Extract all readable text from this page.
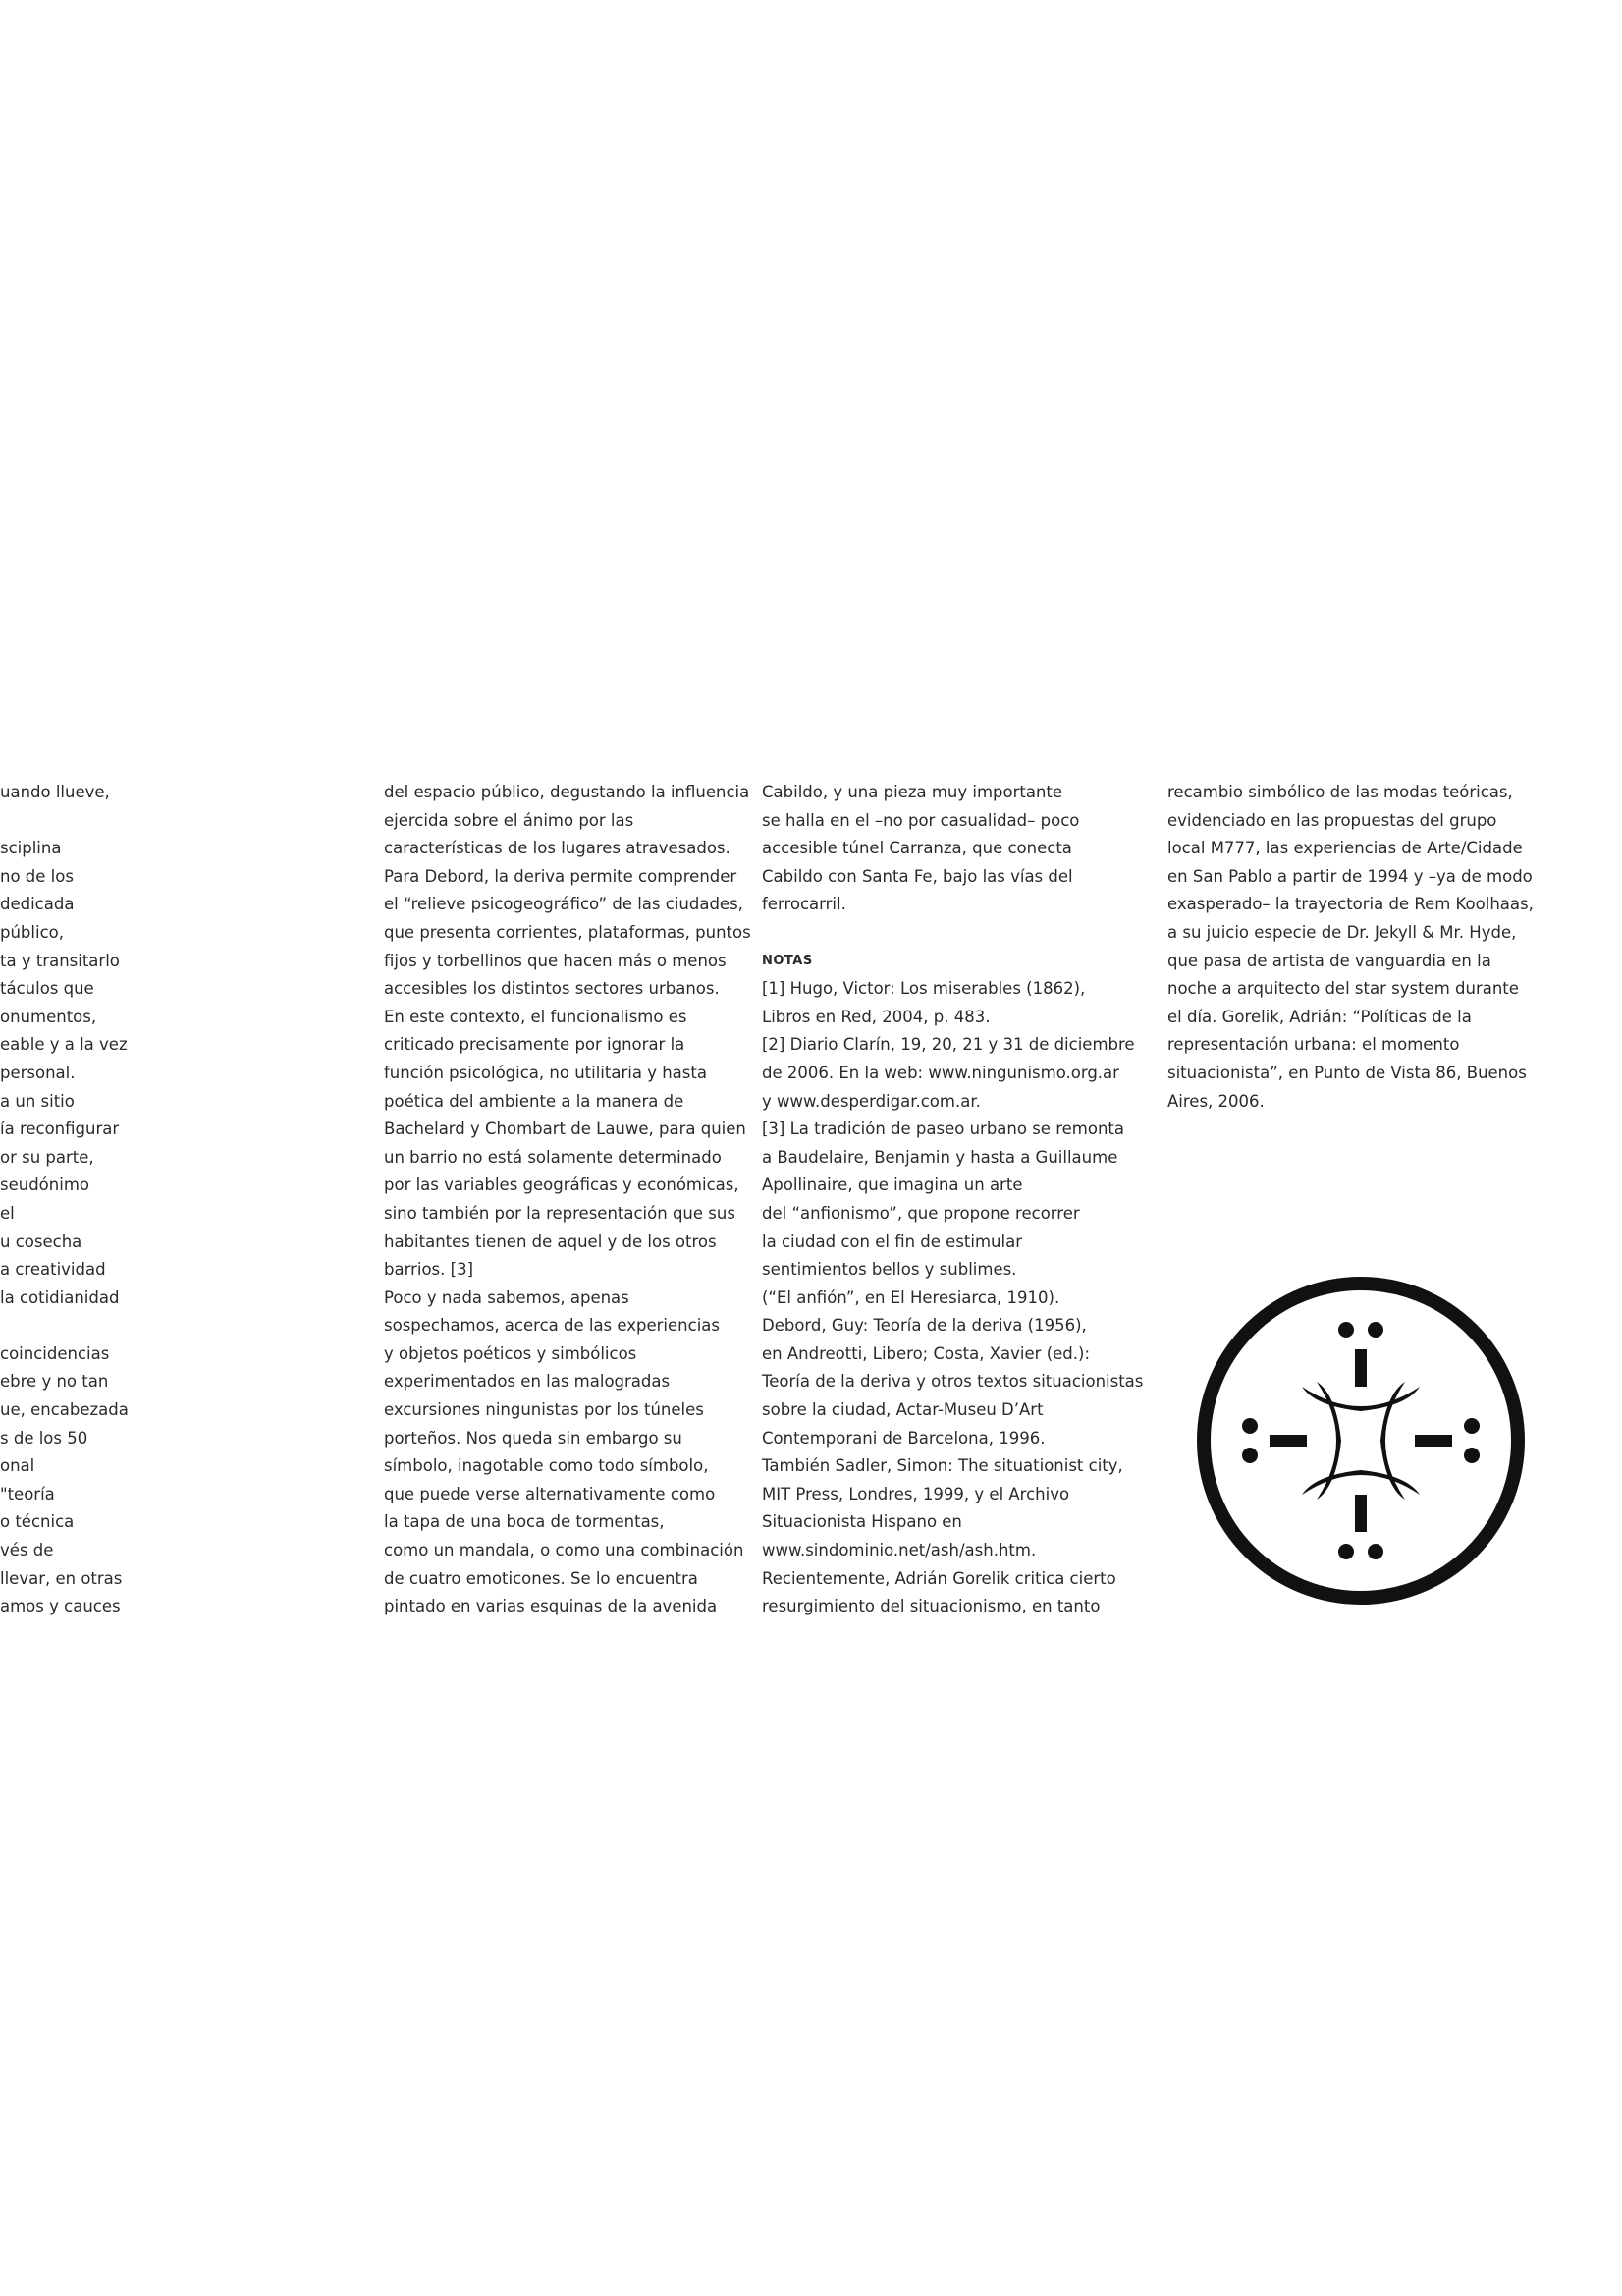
uando llueve,
sciplina
no de los
dedicada
público,
ta y transitarlo
táculos que
onumentos,
eable y a la vez
personal.
a un sitio
ía reconfigurar
or su parte,
seudónimo
el
u cosecha
a creatividad
la cotidianidad
coincidencias
ebre y no tan
ue, encabezada
s de los 50
onal
"teoría
o técnica
vés de
llevar, en otras
amos y cauces
del espacio público, degustando la influencia
ejercida sobre el ánimo por las
características de los lugares atravesados.
Para Debord, la deriva permite comprender
el “relieve psicogeográfico” de las ciudades,
que presenta corrientes, plataformas, puntos
fijos y torbellinos que hacen más o menos
accesibles los distintos sectores urbanos.
En este contexto, el funcionalismo es
criticado precisamente por ignorar la
función psicológica, no utilitaria y hasta
poética del ambiente a la manera de
Bachelard y Chombart de Lauwe, para quien
un barrio no está solamente determinado
por las variables geográficas y económicas,
sino también por la representación que sus
habitantes tienen de aquel y de los otros
barrios. [3]
Poco y nada sabemos, apenas
sospechamos, acerca de las experiencias
y objetos poéticos y simbólicos
experimentados en las malogradas
excursiones ningunistas por los túneles
porteños. Nos queda sin embargo su
símbolo, inagotable como todo símbolo,
que puede verse alternativamente como
la tapa de una boca de tormentas,
como un mandala, o como una combinación
de cuatro emoticones. Se lo encuentra
pintado en varias esquinas de la avenida
Cabildo, y una pieza muy importante
se halla en el –no por casualidad– poco
accesible túnel Carranza, que conecta
Cabildo con Santa Fe, bajo las vías del
ferrocarril.
NOTAS
[1] Hugo, Victor: Los miserables (1862),
Libros en Red, 2004, p. 483.
[2] Diario Clarín, 19, 20, 21 y 31 de diciembre
de 2006. En la web: www.ningunismo.org.ar
y www.desperdigar.com.ar.
[3] La tradición de paseo urbano se remonta
a Baudelaire, Benjamin y hasta a Guillaume
Apollinaire, que imagina un arte
del “anfionismo”, que propone recorrer
la ciudad con el fin de estimular
sentimientos bellos y sublimes.
(“El anfión”, en El Heresiarca, 1910).
Debord, Guy: Teoría de la deriva (1956),
en Andreotti, Libero; Costa, Xavier (ed.):
Teoría de la deriva y otros textos situacionistas
sobre la ciudad, Actar-Museu D’Art
Contemporani de Barcelona, 1996.
También Sadler, Simon: The situationist city,
MIT Press, Londres, 1999, y el Archivo
Situacionista Hispano en
www.sindominio.net/ash/ash.htm.
Recientemente, Adrián Gorelik critica cierto
resurgimiento del situacionismo, en tanto
recambio simbólico de las modas teóricas,
evidenciado en las propuestas del grupo
local M777, las experiencias de Arte/Cidade
en San Pablo a partir de 1994 y –ya de modo
exasperado– la trayectoria de Rem Koolhaas,
a su juicio especie de Dr. Jekyll & Mr. Hyde,
que pasa de artista de vanguardia en la
noche a arquitecto del star system durante
el día. Gorelik, Adrián: “Políticas de la
representación urbana: el momento
situacionista”, en Punto de Vista 86, Buenos
Aires, 2006.
